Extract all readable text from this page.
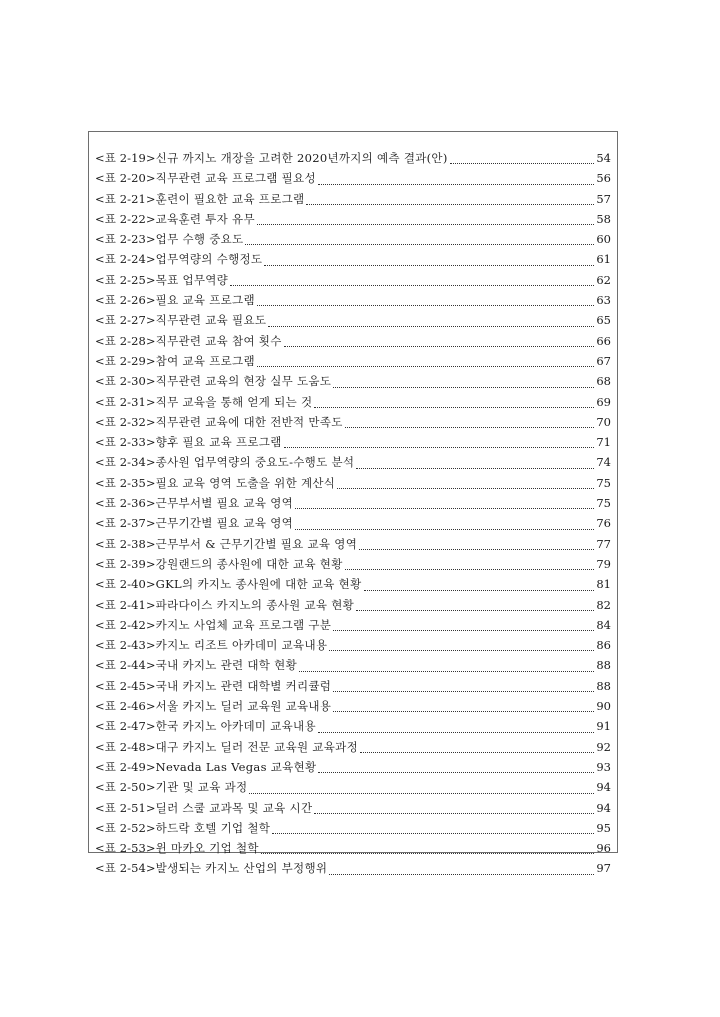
<표 2-19> 신규 까지노 개장을 고려한 2020년까지의 예측 결과(안)	54
<표 2-20> 직무관련 교육 프로그램 필요성	56
<표 2-21> 훈련이 필요한 교육 프로그램	57
<표 2-22> 교육훈련 투자 유무	58
<표 2-23> 업무 수행 중요도	60
<표 2-24> 업무역량의 수행정도	61
<표 2-25> 목표 업무역량	62
<표 2-26> 필요 교육 프로그램	63
<표 2-27> 직무관련 교육 필요도	65
<표 2-28> 직무관련 교육 참여 횟수	66
<표 2-29> 참여 교육 프로그램	67
<표 2-30> 직무관련 교육의 현장 실무 도움도	68
<표 2-31> 직무 교육을 통해 얻게 되는 것	69
<표 2-32> 직무관련 교육에 대한 전반적 만족도	70
<표 2-33> 향후 필요 교육 프로그램	71
<표 2-34> 종사원 업무역량의 중요도-수행도 분석	74
<표 2-35> 필요 교육 영역 도출을 위한 계산식	75
<표 2-36> 근무부서별 필요 교육 영역	75
<표 2-37> 근무기간별 필요 교육 영역	76
<표 2-38> 근무부서 & 근무기간별 필요 교육 영역	77
<표 2-39> 강원랜드의 종사원에 대한 교육 현황	79
<표 2-40> GKL의 카지노 종사원에 대한 교육 현황	81
<표 2-41> 파라다이스 카지노의 종사원 교육 현황	82
<표 2-42> 카지노 사업체 교육 프로그램 구분	84
<표 2-43> 카지노 리조트 아카데미 교육내용	86
<표 2-44> 국내 카지노 관련 대학 현황	88
<표 2-45> 국내 카지노 관련 대학별 커리큘럼	88
<표 2-46> 서울 카지노 딜러 교육원 교육내용	90
<표 2-47> 한국 카지노 아카데미 교육내용	91
<표 2-48> 대구 카지노 딜러 전문 교육원 교육과정	92
<표 2-49> Nevada Las Vegas 교육현황	93
<표 2-50> 기관 및 교육 과정	94
<표 2-51> 딜러 스쿨 교과목 및 교육 시간	94
<표 2-52> 하드락 호텔 기업 철학	95
<표 2-53> 윈 마카오 기업 철학	96
<표 2-54> 발생되는 카지노 산업의 부정행위	97
